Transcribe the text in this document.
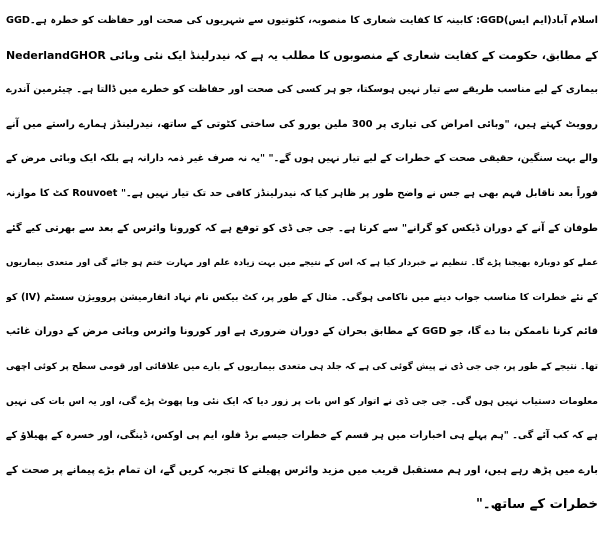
اسلام آباد(ایم ایس)GGD: کابینہ کا کفایت شعاری کا منصوبہ، کٹوتیوں سے شہریوں کی صحت اور حفاظت کو خطرہ ہے۔GGD
کے مطابق، حکومت کے کفایت شعاری کے منصوبوں کا مطلب یہ ہے کہ نیدرلینڈ ایک نئی وبائی NederlandGHOR
بیماری کے لیے مناسب طریقے سے تیار نہیں ہوسکتا، جو ہر کسی کی صحت اور حفاظت کو خطرے میں ڈالتا ہے۔ چیئرمین آندرے
روویٹ کہتے ہیں، "وبائی امراض کی تیاری پر 300 ملین یورو کی ساختی کٹوتی کے ساتھ، نیدرلینڈز ہمارے راستے میں آنے
والے بہت سنگین، حقیقی صحت کے خطرات کے لیے تیار نہیں ہوں گے۔" "یہ نہ صرف غیر ذمہ دارانہ ہے بلکہ ایک وبائی مرض کے
فوراً بعد ناقابل فہم بھی ہے جس نے واضح طور پر ظاہر کیا کہ نیدرلینڈز کافی حد تک تیار نہیں ہے۔" Rouvoet کٹ کا موازنہ
طوفان کے آنے کے دوران ڈیکس کو گرانے" سے کرتا ہے۔ جی جی ڈی کو توقع ہے کہ کورونا وائرس کے بعد سے بھرتی کیے گئے
عملے کو دوبارہ بھیجنا پڑے گا۔ تنظیم نے خبردار کیا ہے کہ اس کے نتیجے میں بہت زیادہ علم اور مہارت ختم ہو جائے گی اور متعدی بیماریوں
کے نئے خطرات کا مناسب جواب دینے میں ناکامی ہوگی۔ مثال کے طور پر، کٹ بیکس نام نہاد انفارمیشن پروویژن سسٹم (IV) کو
قائم کرنا ناممکن بنا دے گا، جو GGD کے مطابق بحران کے دوران ضروری ہے اور کورونا وائرس وبائی مرض کے دوران غائب
تھا۔ نتیجے کے طور پر، جی جی ڈی نے پیش گوئی کی ہے کہ جلد ہی متعدی بیماریوں کے بارے میں علاقائی اور قومی سطح پر کوئی اچھی
معلومات دستیاب نہیں ہوں گی۔ جی جی ڈی نے اتوار کو اس بات پر زور دیا کہ ایک نئی وبا پھوٹ پڑے گی، اور یہ اس بات کی نہیں
ہے کہ کب آئے گی۔ "ہم پہلے ہی اخبارات میں ہر قسم کے خطرات جیسے برڈ فلو، ایم پی اوکس، ڈینگی، اور خسرہ کے پھیلاؤ کے
بارے میں پڑھ رہے ہیں، اور ہم مستقبل قریب میں مزید وائرس پھیلنے کا تجربہ کریں گے، ان تمام بڑے پیمانے پر صحت کے
خطرات کے ساتھ۔"
